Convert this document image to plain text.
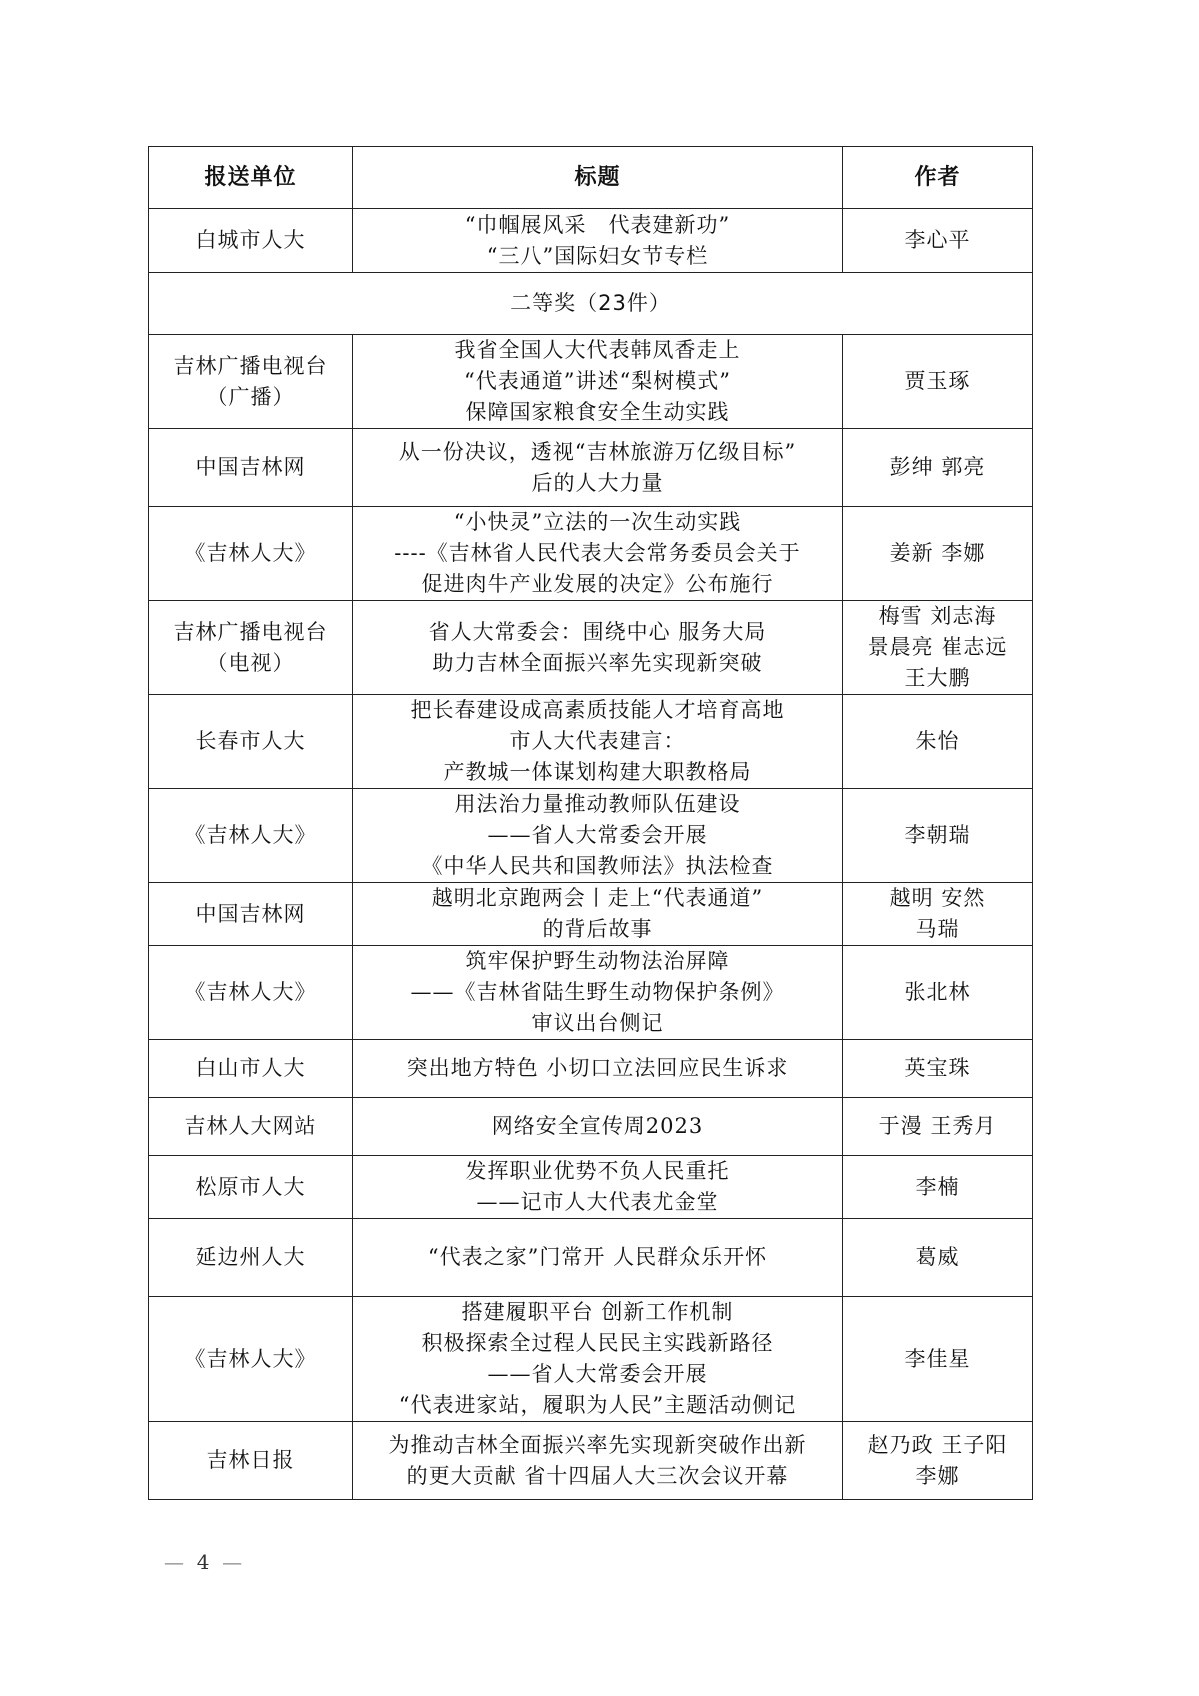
报送单位	标题	作者

白城市人大	“巾帼展风采　代表建新功”
“三八”国际妇女节专栏	李心平

二等奖（23件）		

吉林广播电视台
（广播）	我省全国人大代表韩凤香走上
“代表通道”讲述“梨树模式”
保障国家粮食安全生动实践	贾玉琢

中国吉林网	从一份决议，透视“吉林旅游万亿级目标”
后的人大力量	彭绅 郭亮

《吉林人大》	“小快灵”立法的一次生动实践
----《吉林省人民代表大会常务委员会关于
促进肉牛产业发展的决定》公布施行	姜新 李娜

吉林广播电视台
（电视）	省人大常委会：围绕中心 服务大局
助力吉林全面振兴率先实现新突破	梅雪 刘志海
景晨亮 崔志远
王大鹏

长春市人大	把长春建设成高素质技能人才培育高地
市人大代表建言：
产教城一体谋划构建大职教格局	朱怡

《吉林人大》	用法治力量推动教师队伍建设
——省人大常委会开展
《中华人民共和国教师法》执法检查	李朝瑞

中国吉林网	越明北京跑两会丨走上“代表通道”
的背后故事	越明 安然
马瑞

《吉林人大》	筑牢保护野生动物法治屏障
——《吉林省陆生野生动物保护条例》
审议出台侧记	张北林

白山市人大	突出地方特色 小切口立法回应民生诉求	英宝珠

吉林人大网站	网络安全宣传周2023	于漫 王秀月

松原市人大	发挥职业优势不负人民重托
——记市人大代表尤金堂	李楠

延边州人大	“代表之家”门常开 人民群众乐开怀	葛威

《吉林人大》	搭建履职平台 创新工作机制
积极探索全过程人民民主实践新路径
——省人大常委会开展
“代表进家站，履职为人民”主题活动侧记	李佳星

吉林日报	为推动吉林全面振兴率先实现新突破作出新
的更大贡献 省十四届人大三次会议开幕	赵乃政 王子阳
李娜
— 4 —
